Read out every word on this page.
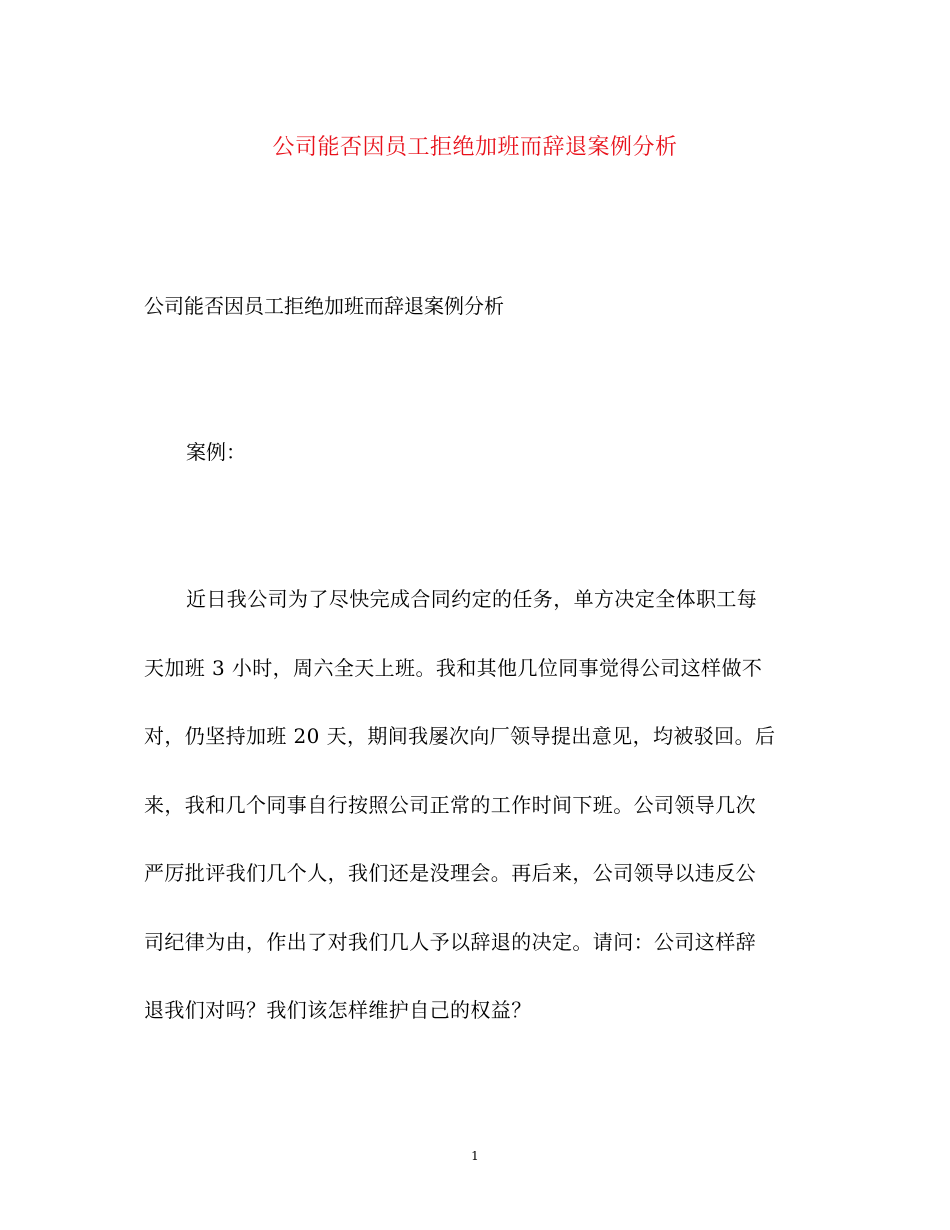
公司能否因员工拒绝加班而辞退案例分析
公司能否因员工拒绝加班而辞退案例分析
案例：
近日我公司为了尽快完成合同约定的任务，单方决定全体职工每
天加班 3 小时，周六全天上班。我和其他几位同事觉得公司这样做不
对，仍坚持加班 20 天，期间我屡次向厂领导提出意见，均被驳回。后
来，我和几个同事自行按照公司正常的工作时间下班。公司领导几次
严厉批评我们几个人，我们还是没理会。再后来，公司领导以违反公
司纪律为由，作出了对我们几人予以辞退的决定。请问：公司这样辞
退我们对吗？我们该怎样维护自己的权益？
1
